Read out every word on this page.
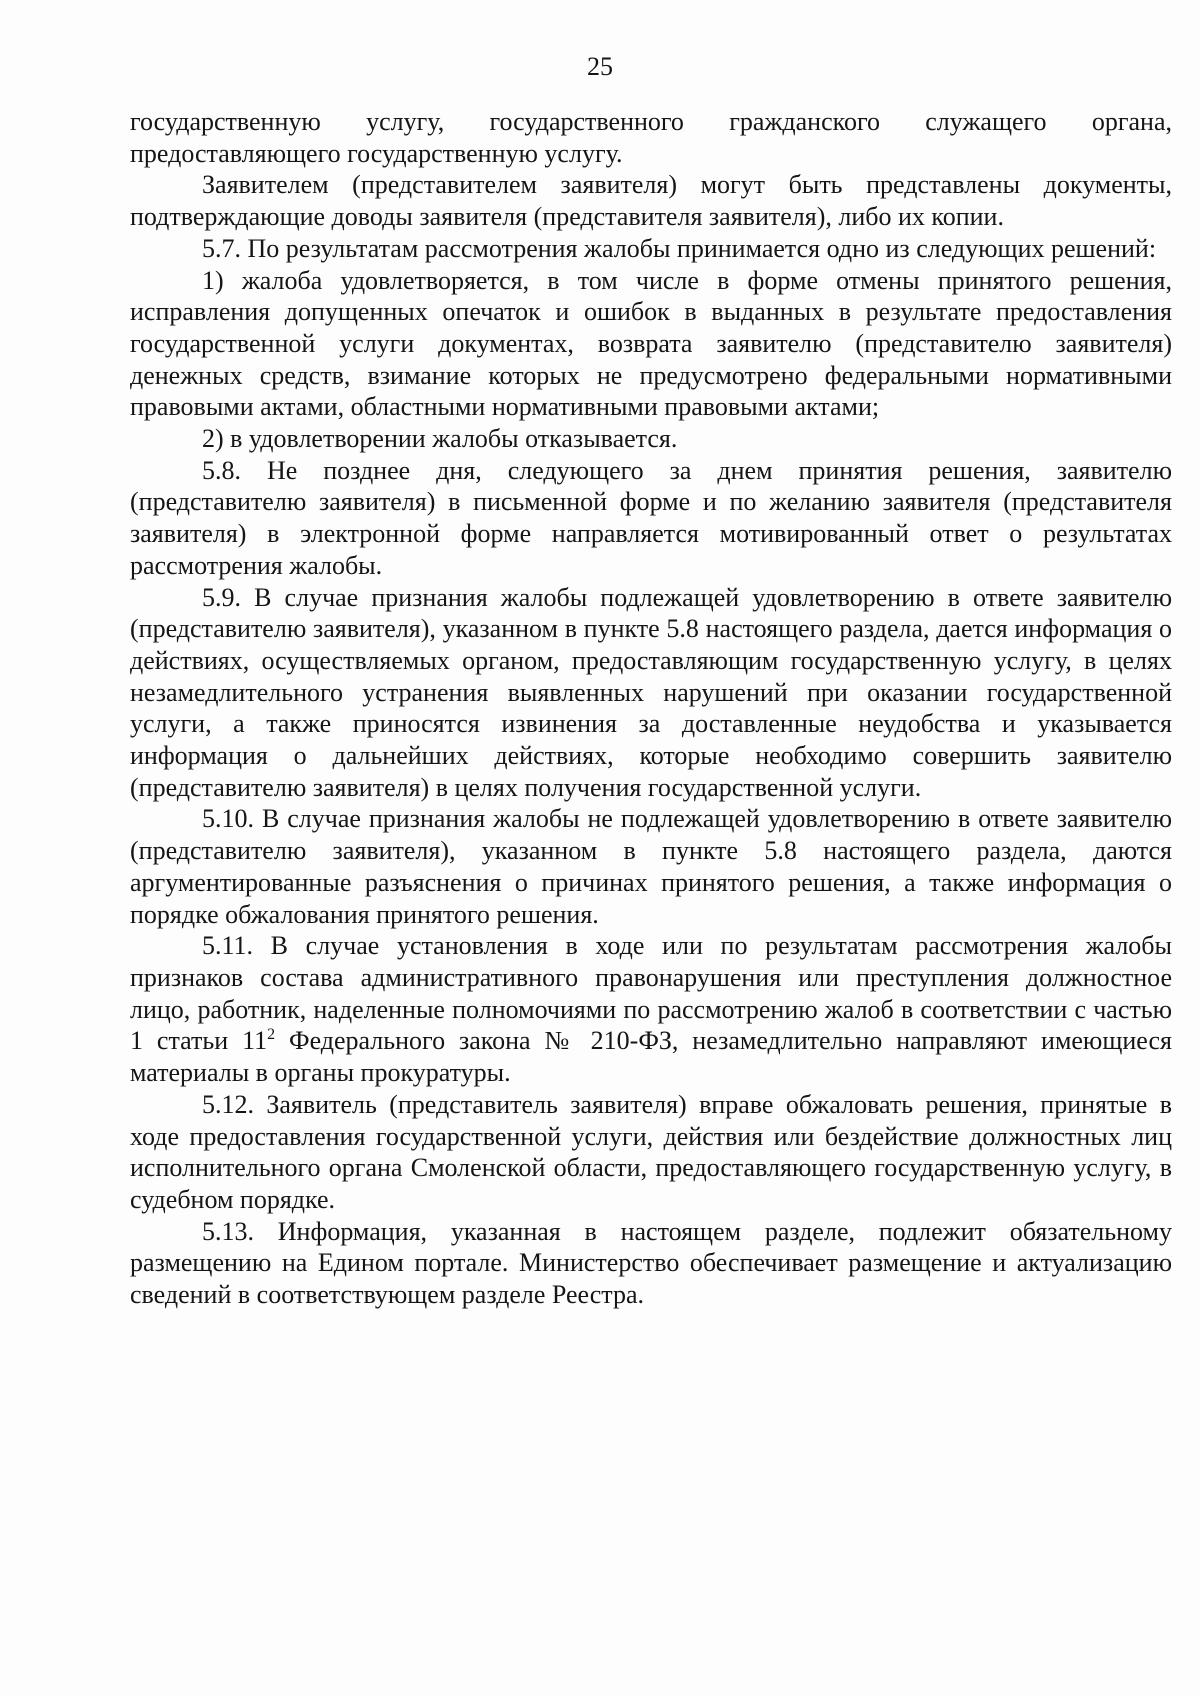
25

государственную услугу, государственного гражданского служащего органа, предоставляющего государственную услугу.

Заявителем (представителем заявителя) могут быть представлены документы, подтверждающие доводы заявителя (представителя заявителя), либо их копии.

5.7. По результатам рассмотрения жалобы принимается одно из следующих решений:

1) жалоба удовлетворяется, в том числе в форме отмены принятого решения, исправления допущенных опечаток и ошибок в выданных в результате предоставления государственной услуги документах, возврата заявителю (представителю заявителя) денежных средств, взимание которых не предусмотрено федеральными нормативными правовыми актами, областными нормативными правовыми актами;

2) в удовлетворении жалобы отказывается.

5.8. Не позднее дня, следующего за днем принятия решения, заявителю (представителю заявителя) в письменной форме и по желанию заявителя (представителя заявителя) в электронной форме направляется мотивированный ответ о результатах рассмотрения жалобы.

5.9. В случае признания жалобы подлежащей удовлетворению в ответе заявителю (представителю заявителя), указанном в пункте 5.8 настоящего раздела, дается информация о действиях, осуществляемых органом, предоставляющим государственную услугу, в целях незамедлительного устранения выявленных нарушений при оказании государственной услуги, а также приносятся извинения за доставленные неудобства и указывается информация о дальнейших действиях, которые необходимо совершить заявителю (представителю заявителя) в целях получения государственной услуги.

5.10. В случае признания жалобы не подлежащей удовлетворению в ответе заявителю (представителю заявителя), указанном в пункте 5.8 настоящего раздела, даются аргументированные разъяснения о причинах принятого решения, а также информация о порядке обжалования принятого решения.

5.11. В случае установления в ходе или по результатам рассмотрения жалобы признаков состава административного правонарушения или преступления должностное лицо, работник, наделенные полномочиями по рассмотрению жалоб в соответствии с частью 1 статьи $11^2$ Федерального закона № 210-ФЗ, незамедлительно направляют имеющиеся материалы в органы прокуратуры.

5.12. Заявитель (представитель заявителя) вправе обжаловать решения, принятые в ходе предоставления государственной услуги, действия или бездействие должностных лиц исполнительного органа Смоленской области, предоставляющего государственную услугу, в судебном порядке.

5.13. Информация, указанная в настоящем разделе, подлежит обязательному размещению на Едином портале. Министерство обеспечивает размещение и актуализацию сведений в соответствующем разделе Реестра.
